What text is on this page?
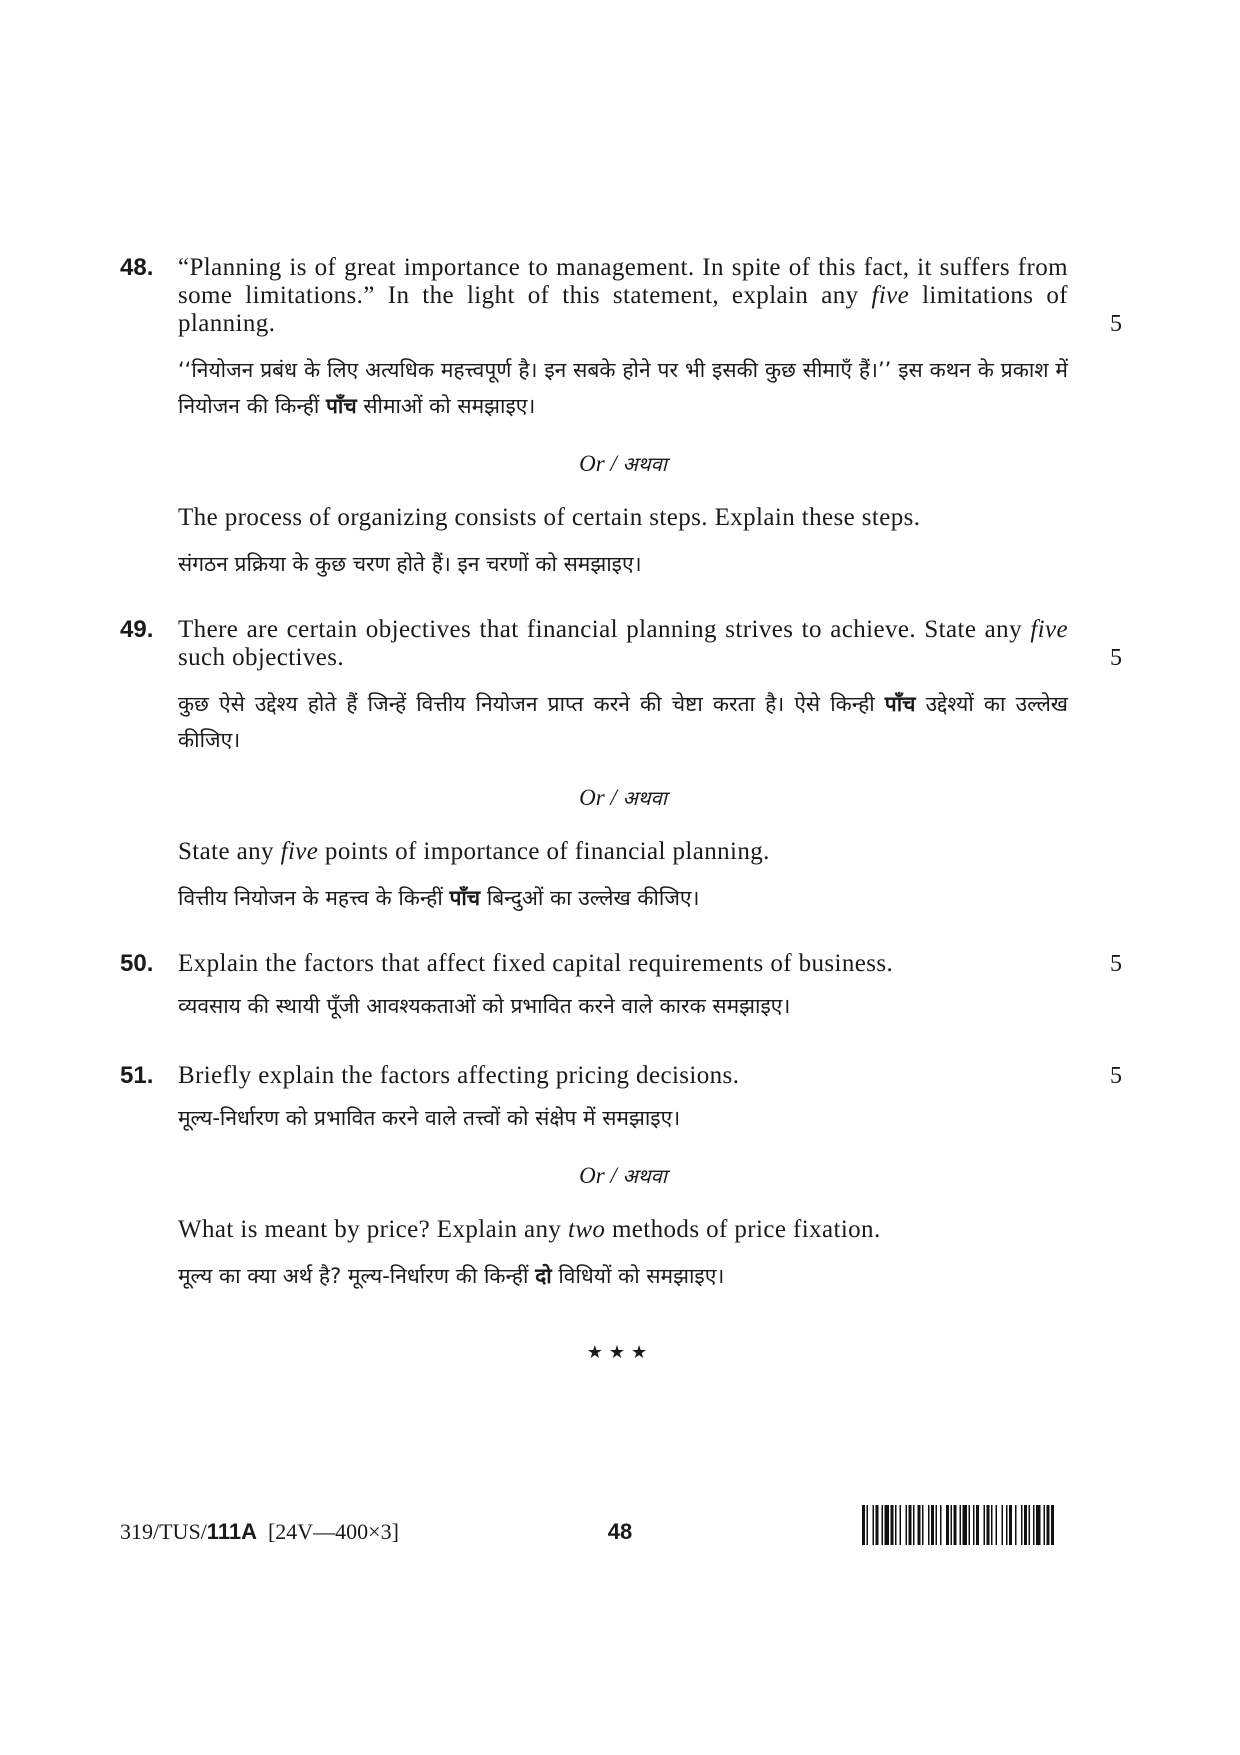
48.
5

“Planning is of great importance to management. In spite of this fact, it suffers from some limitations.” In the light of this statement, explain any five limitations of planning.

‘‘नियोजन प्रबंध के लिए अत्यधिक महत्त्वपूर्ण है। इन सबके होने पर भी इसकी कुछ सीमाएँ हैं।’’ इस कथन के प्रकाश में नियोजन की किन्हीं पाँच सीमाओं को समझाइए।

Or / अथवा

The process of organizing consists of certain steps. Explain these steps.

संगठन प्रक्रिया के कुछ चरण होते हैं। इन चरणों को समझाइए।

49.
5

There are certain objectives that financial planning strives to achieve. State any five such objectives.

कुछ ऐसे उद्देश्य होते हैं जिन्हें वित्तीय नियोजन प्राप्त करने की चेष्टा करता है। ऐसे किन्ही पाँच उद्देश्यों का उल्लेख कीजिए।

Or / अथवा

State any five points of importance of financial planning.

वित्तीय नियोजन के महत्त्व के किन्हीं पाँच बिन्दुओं का उल्लेख कीजिए।

50.	5

Explain the factors that affect fixed capital requirements of business.

व्यवसाय की स्थायी पूँजी आवश्यकताओं को प्रभावित करने वाले कारक समझाइए।

51.	5

Briefly explain the factors affecting pricing decisions.

मूल्य-निर्धारण को प्रभावित करने वाले तत्त्वों को संक्षेप में समझाइए।

Or / अथवा

What is meant by price? Explain any two methods of price fixation.

मूल्य का क्या अर्थ है? मूल्य-निर्धारण की किन्हीं दो विधियों को समझाइए।

★★★
319/TUS/111A [24V—400×3]	48
